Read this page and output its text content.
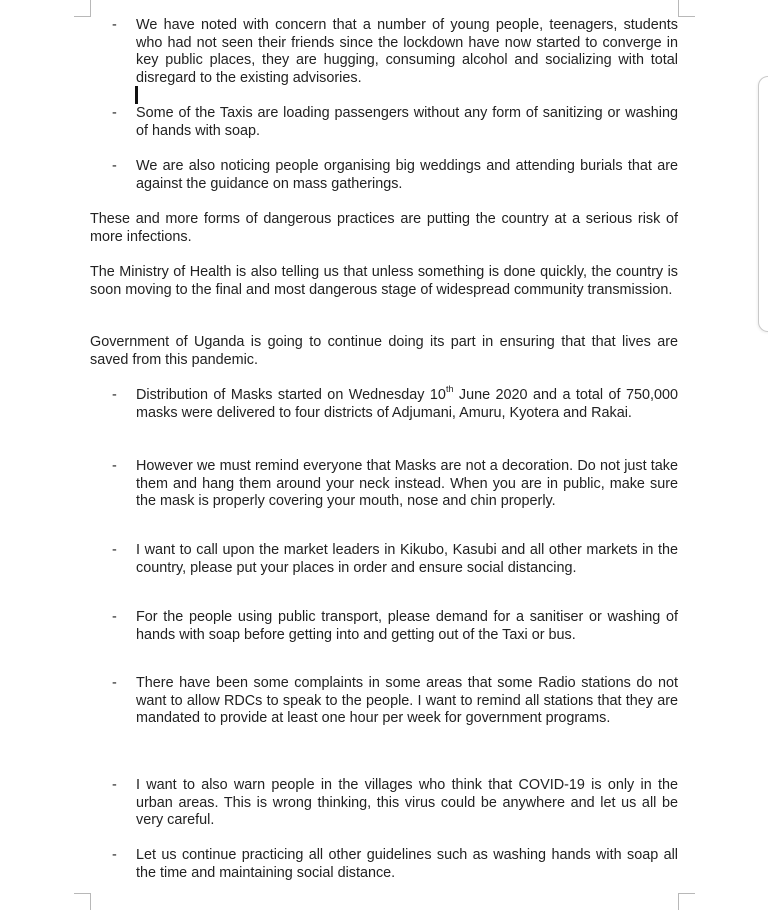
-	We have noted with concern that a number of young people, teenagers, students who had not seen their friends since the lockdown have now started to converge in key public places, they are hugging, consuming alcohol and socializing with total disregard to the existing advisories.
-	Some of the Taxis are loading passengers without any form of sanitizing or washing of hands with soap.
-	We are also noticing people organising big weddings and attending burials that are against the guidance on mass gatherings.
These and more forms of dangerous practices are putting the country at a serious risk of more infections.
The Ministry of Health is also telling us that unless something is done quickly, the country is soon moving to the final and most dangerous stage of widespread community transmission.
Government of Uganda is going to continue doing its part in ensuring that that lives are saved from this pandemic.
-	Distribution of Masks started on Wednesday 10th June 2020 and a total of 750,000 masks were delivered to four districts of Adjumani, Amuru, Kyotera and Rakai.
-	However we must remind everyone that Masks are not a decoration. Do not just take them and hang them around your neck instead. When you are in public, make sure the mask is properly covering your mouth, nose and chin properly.
-	I want to call upon the market leaders in Kikubo, Kasubi and all other markets in the country, please put your places in order and ensure social distancing.
-	For the people using public transport, please demand for a sanitiser or washing of hands with soap before getting into and getting out of the Taxi or bus.
-	There have been some complaints in some areas that some Radio stations do not want to allow RDCs to speak to the people. I want to remind all stations that they are mandated to provide at least one hour per week for government programs.
-	I want to also warn people in the villages who think that COVID-19 is only in the urban areas. This is wrong thinking, this virus could be anywhere and let us all be very careful.
-	Let us continue practicing all other guidelines such as washing hands with soap all the time and maintaining social distance.
